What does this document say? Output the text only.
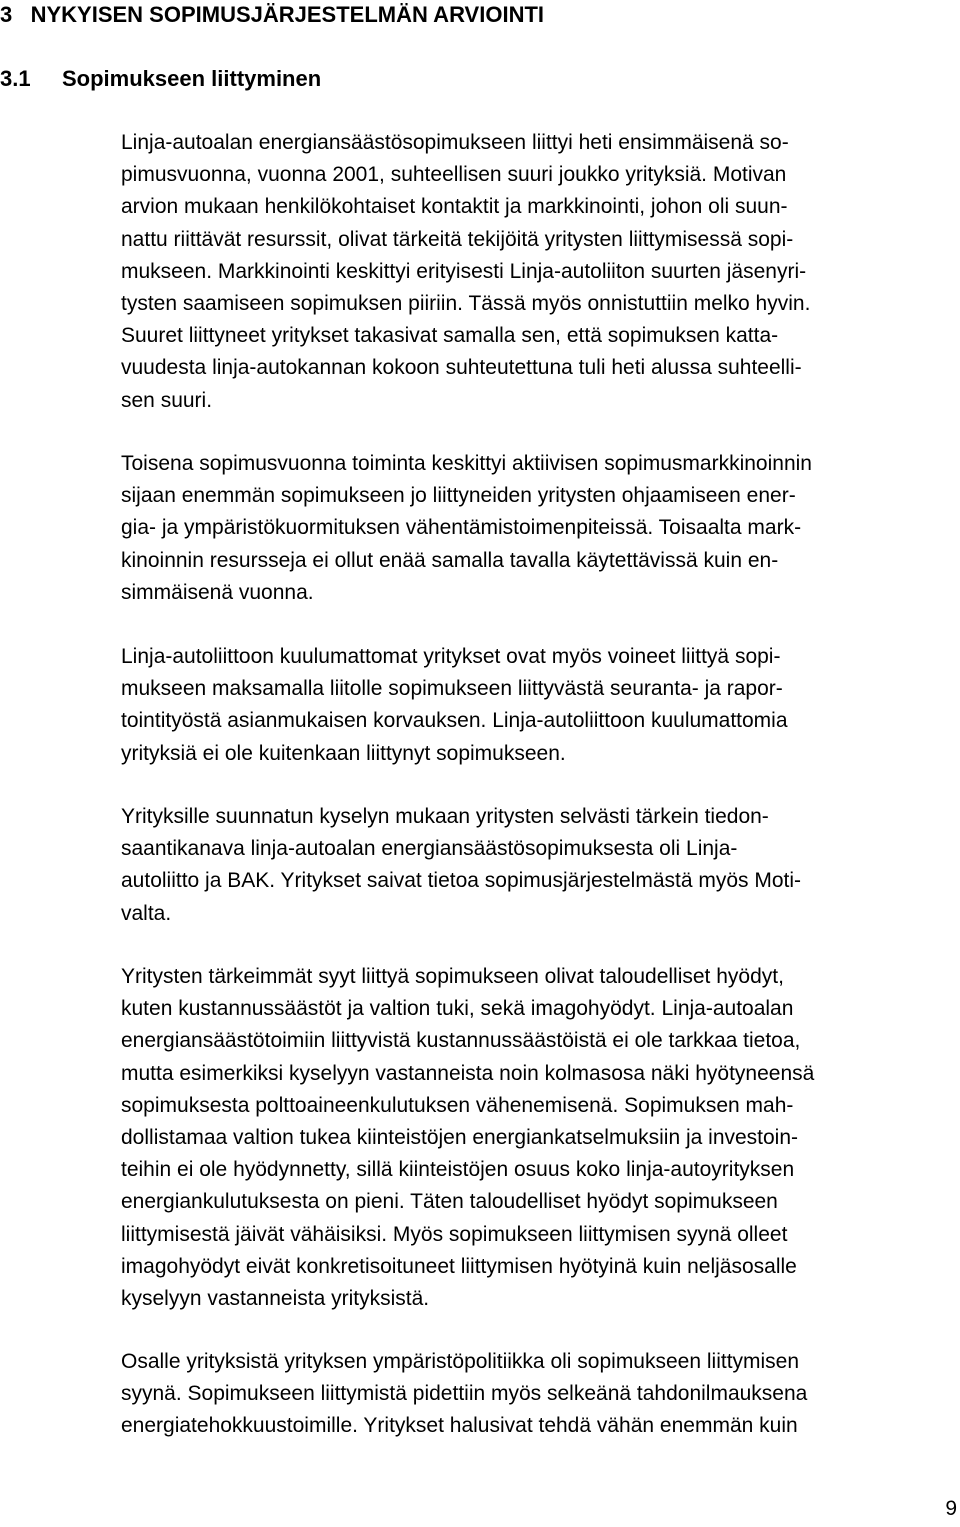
3 NYKYISEN SOPIMUSJÄRJESTELMÄN ARVIOINTI
3.1 Sopimukseen liittyminen
Linja-autoalan energiansäästösopimukseen liittyi heti ensimmäisenä so-
pimusvuonna, vuonna 2001, suhteellisen suuri joukko yrityksiä. Motivan
arvion mukaan henkilökohtaiset kontaktit ja markkinointi, johon oli suun-
nattu riittävät resurssit, olivat tärkeitä tekijöitä yritysten liittymisessä sopi-
mukseen. Markkinointi keskittyi erityisesti Linja-autoliiton suurten jäsenyri-
tysten saamiseen sopimuksen piiriin. Tässä myös onnistuttiin melko hyvin.
Suuret liittyneet yritykset takasivat samalla sen, että sopimuksen katta-
vuudesta linja-autokannan kokoon suhteutettuna tuli heti alussa suhteelli-
sen suuri.
Toisena sopimusvuonna toiminta keskittyi aktiivisen sopimusmarkkinoinnin
sijaan enemmän sopimukseen jo liittyneiden yritysten ohjaamiseen ener-
gia- ja ympäristökuormituksen vähentämistoimenpiteissä. Toisaalta mark-
kinoinnin resursseja ei ollut enää samalla tavalla käytettävissä kuin en-
simmäisenä vuonna.
Linja-autoliittoon kuulumattomat yritykset ovat myös voineet liittyä sopi-
mukseen maksamalla liitolle sopimukseen liittyvästä seuranta- ja rapor-
tointityöstä asianmukaisen korvauksen. Linja-autoliittoon kuulumattomia
yrityksiä ei ole kuitenkaan liittynyt sopimukseen.
Yrityksille suunnatun kyselyn mukaan yritysten selvästi tärkein tiedon-
saantikanava linja-autoalan energiansäästösopimuksesta oli Linja-
autoliitto ja BAK. Yritykset saivat tietoa sopimusjärjestelmästä myös Moti-
valta.
Yritysten tärkeimmät syyt liittyä sopimukseen olivat taloudelliset hyödyt,
kuten kustannussäästöt ja valtion tuki, sekä imagohyödyt. Linja-autoalan
energiansäästötoimiin liittyvistä kustannussäästöistä ei ole tarkkaa tietoa,
mutta esimerkiksi kyselyyn vastanneista noin kolmasosa näki hyötyneensä
sopimuksesta polttoaineenkulutuksen vähenemisenä. Sopimuksen mah-
dollistamaa valtion tukea kiinteistöjen energiankatselmuksiin ja investoin-
teihin ei ole hyödynnetty, sillä kiinteistöjen osuus koko linja-autoyrityksen
energiankulutuksesta on pieni. Täten taloudelliset hyödyt sopimukseen
liittymisestä jäivät vähäisiksi. Myös sopimukseen liittymisen syynä olleet
imagohyödyt eivät konkretisoituneet liittymisen hyötyinä kuin neljäsosalle
kyselyyn vastanneista yrityksistä.
Osalle yrityksistä yrityksen ympäristöpolitiikka oli sopimukseen liittymisen
syynä. Sopimukseen liittymistä pidettiin myös selkeänä tahdonilmauksena
energiatehokkuustoimille. Yritykset halusivat tehdä vähän enemmän kuin
9
